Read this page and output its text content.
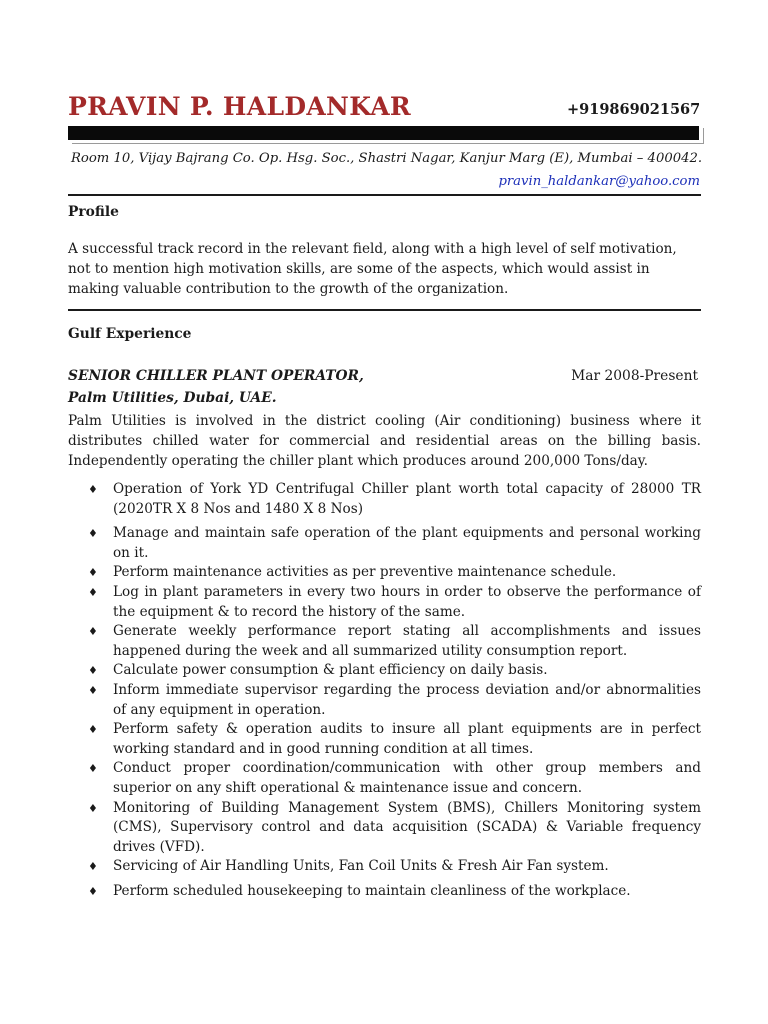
PRAVIN P. HALDANKAR	+919869021567
Room 10, Vijay Bajrang Co. Op. Hsg. Soc., Shastri Nagar, Kanjur Marg (E), Mumbai – 400042.
pravin_haldankar@yahoo.com
Profile
A successful track record in the relevant field, along with a high level of self motivation, not to mention high motivation skills, are some of the aspects, which would assist in making valuable contribution to the growth of the organization.
Gulf Experience
SENIOR CHILLER PLANT OPERATOR,	Mar 2008-Present
Palm Utilities, Dubai, UAE.
Palm Utilities is involved in the district cooling (Air conditioning) business where it distributes chilled water for commercial and residential areas on the billing basis. Independently operating the chiller plant which produces around 200,000 Tons/day.
♦ Operation of York YD Centrifugal Chiller plant worth total capacity of 28000 TR (2020TR X 8 Nos and 1480 X 8 Nos)
♦ Manage and maintain safe operation of the plant equipments and personal working on it.
♦ Perform maintenance activities as per preventive maintenance schedule.
♦ Log in plant parameters in every two hours in order to observe the performance of the equipment & to record the history of the same.
♦ Generate weekly performance report stating all accomplishments and issues happened during the week and all summarized utility consumption report.
♦ Calculate power consumption & plant efficiency on daily basis.
♦ Inform immediate supervisor regarding the process deviation and/or abnormalities of any equipment in operation.
♦ Perform safety & operation audits to insure all plant equipments are in perfect working standard and in good running condition at all times.
♦ Conduct proper coordination/communication with other group members and superior on any shift operational & maintenance issue and concern.
♦ Monitoring of Building Management System (BMS), Chillers Monitoring system (CMS), Supervisory control and data acquisition (SCADA) & Variable frequency drives (VFD).
♦ Servicing of Air Handling Units, Fan Coil Units & Fresh Air Fan system.
♦ Perform scheduled housekeeping to maintain cleanliness of the workplace.
